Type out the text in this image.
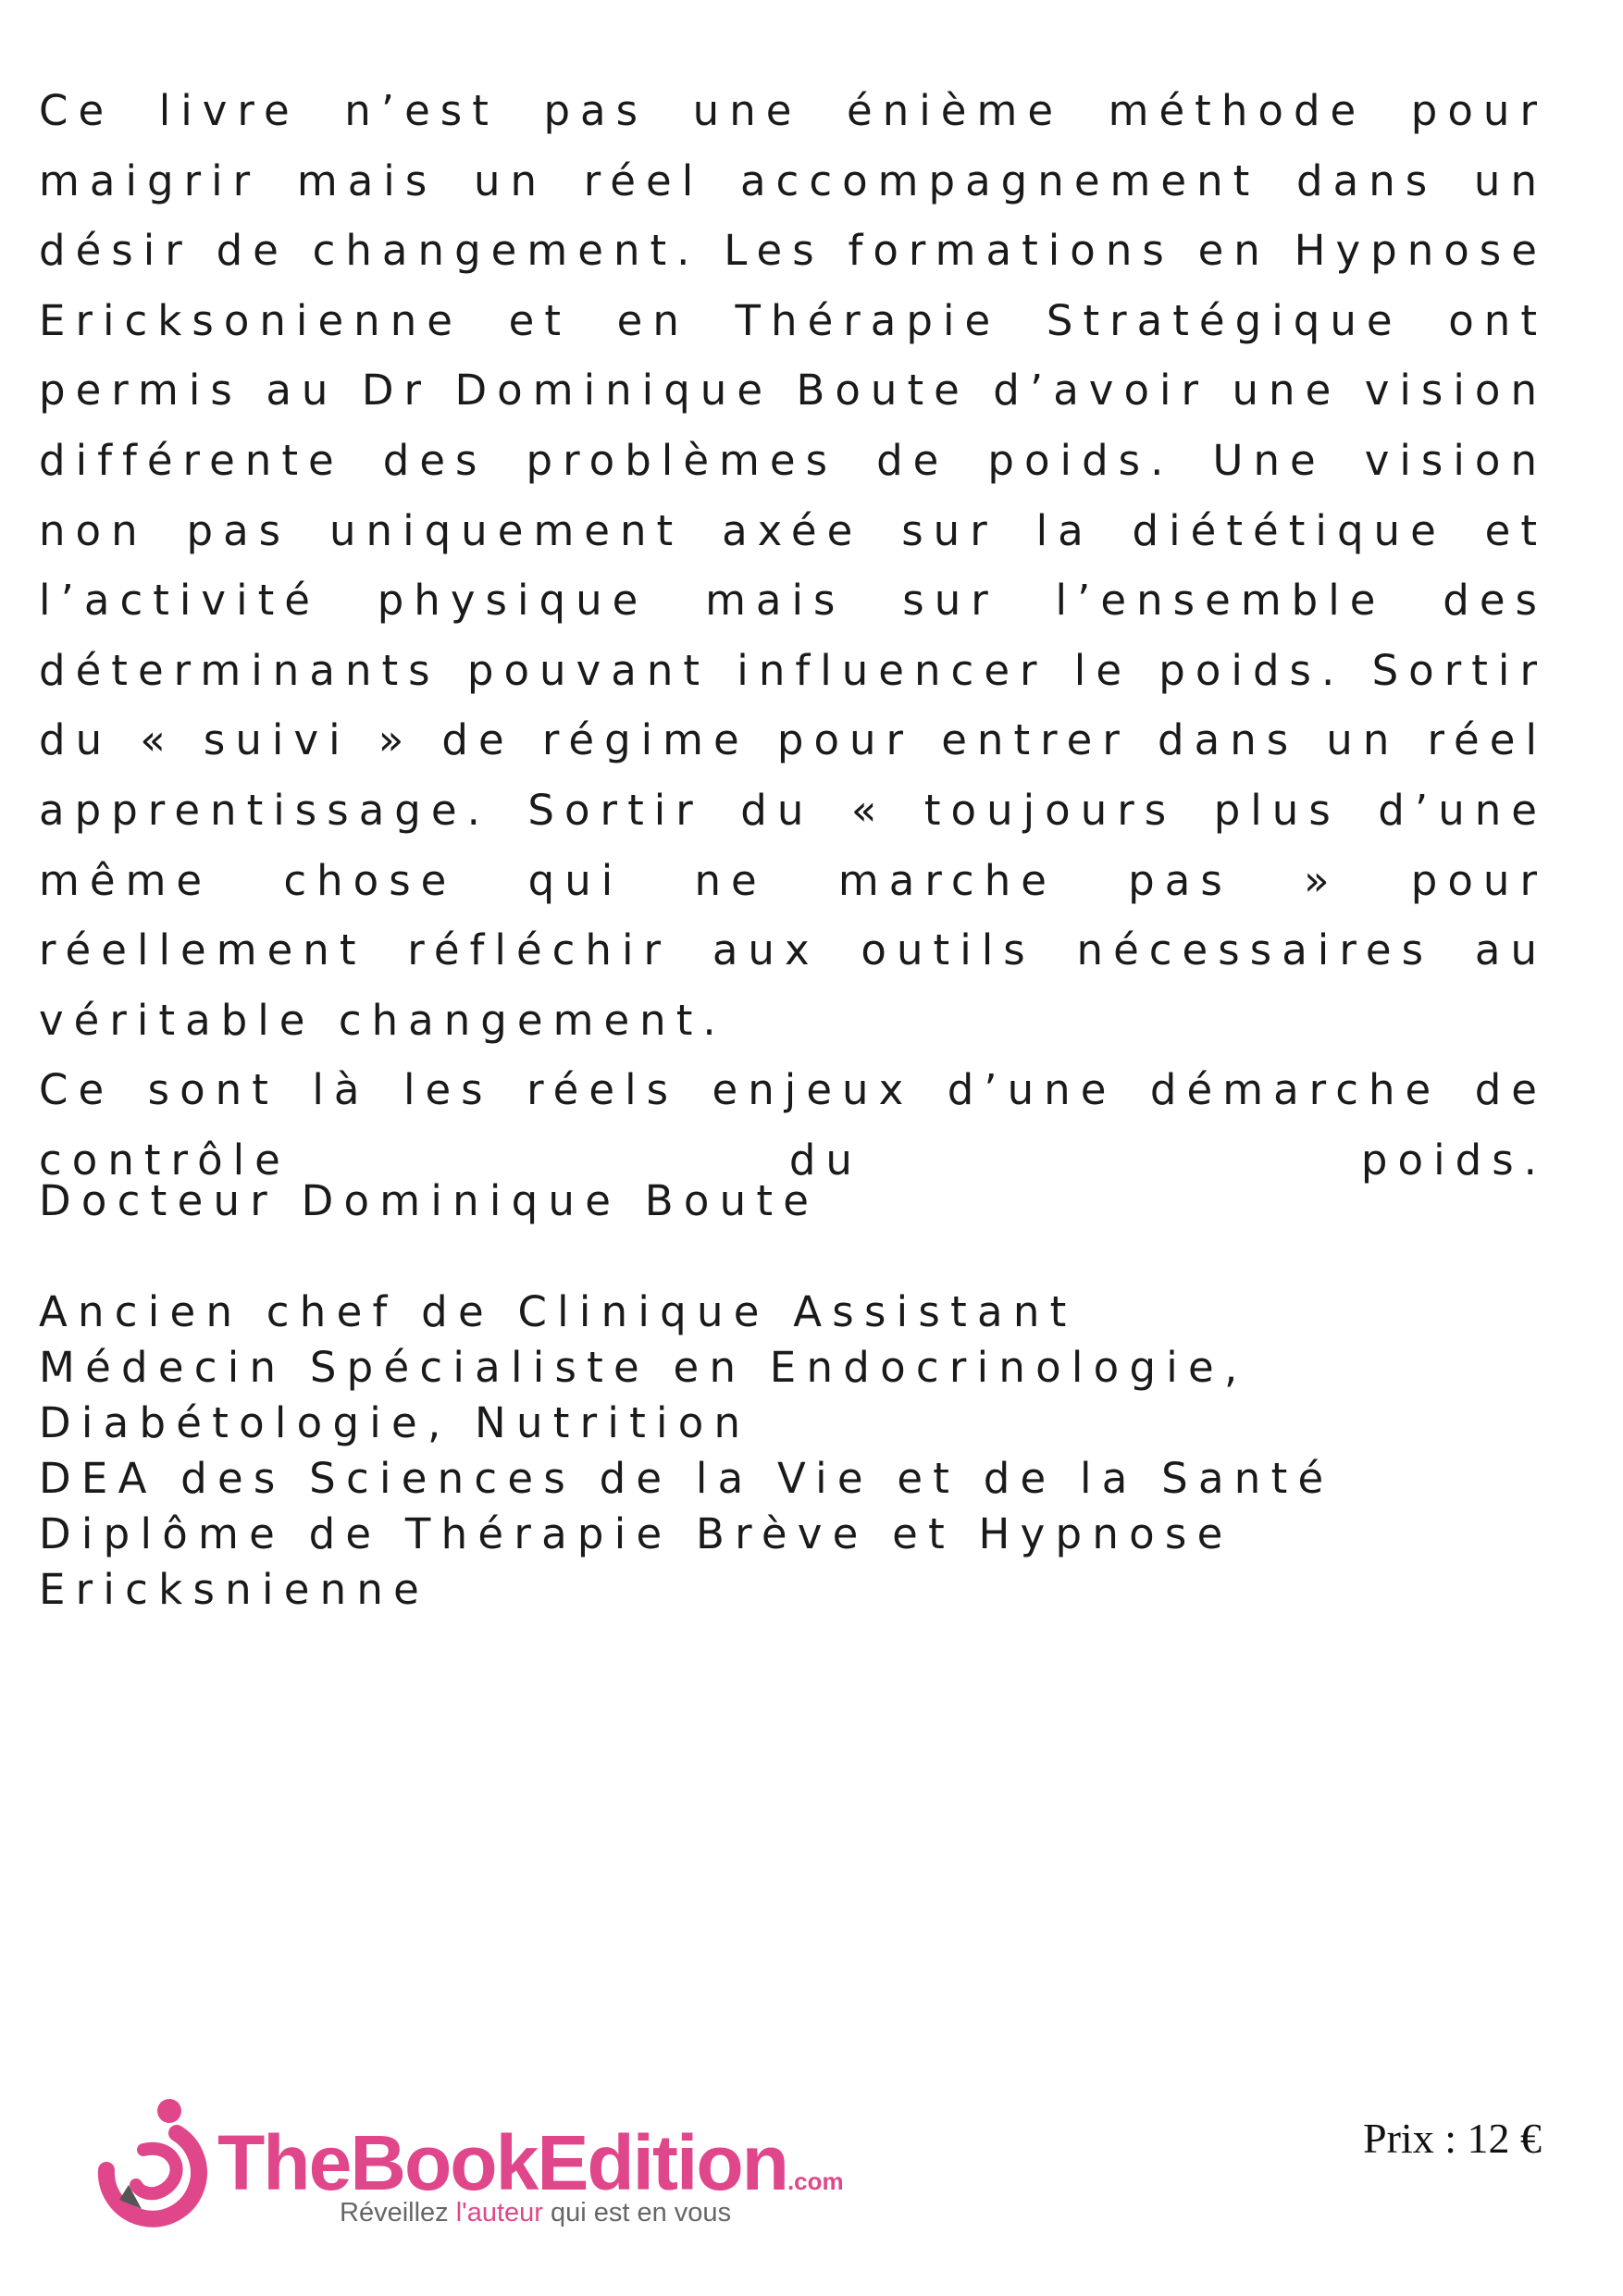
Ce livre n’est pas une énième méthode pour maigrir mais un réel accompagnement dans un désir de changement. Les formations en Hypnose Ericksonienne et en Thérapie Stratégique ont permis au Dr Dominique Boute d’avoir une vision différente des problèmes de poids. Une vision non pas uniquement axée sur la diététique et l’activité physique mais sur l’ensemble des déterminants pouvant influencer le poids. Sortir du « suivi » de régime pour entrer dans un réel apprentissage. Sortir du « toujours plus d’une même chose qui ne marche pas » pour réellement réfléchir aux outils nécessaires au véritable changement.

Ce sont là les réels enjeux d’une démarche de contrôle du poids.

Docteur Dominique Boute

Ancien chef de Clinique Assistant

Médecin Spécialiste en Endocrinologie, Diabétologie, Nutrition

DEA des Sciences de la Vie et de la Santé

Diplôme de Thérapie Brève et Hypnose Ericksnienne

TheBookEdition.com
Réveillez l'auteur qui est en vous
Prix : 12 €
